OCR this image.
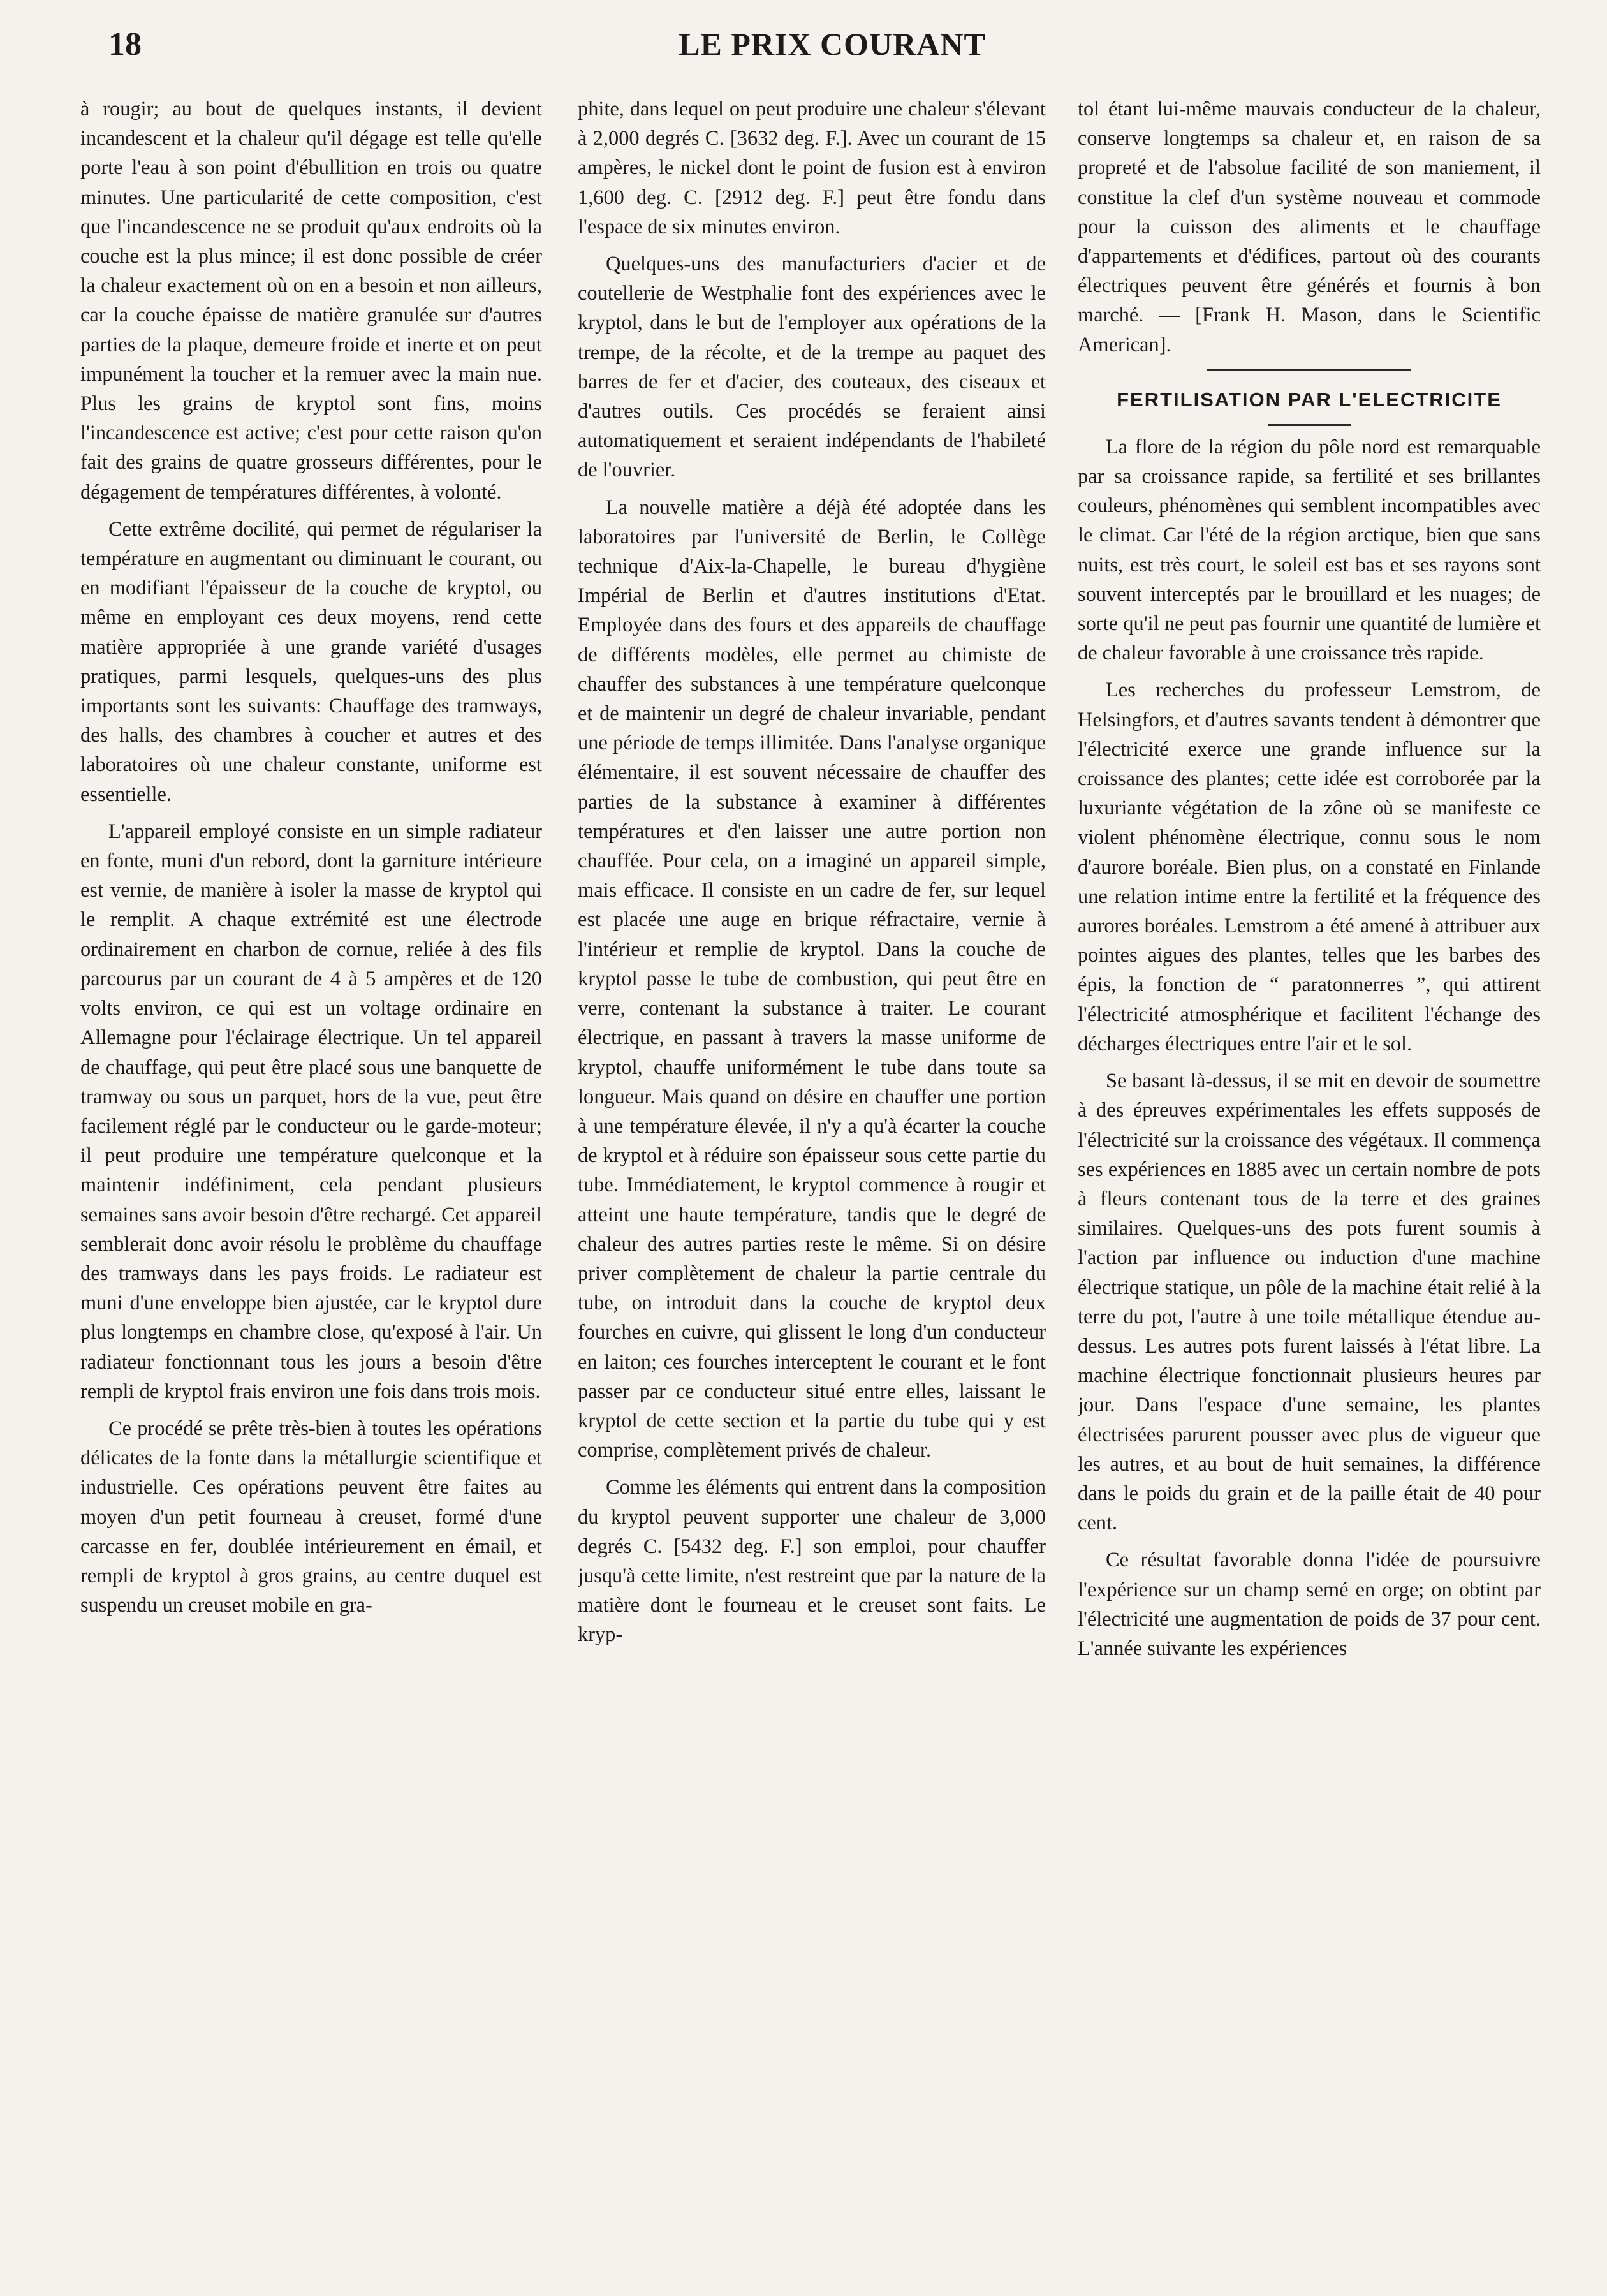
18	LE PRIX COURANT

à rougir; au bout de quelques instants, il devient incandescent et la chaleur qu'il dégage est telle qu'elle porte l'eau à son point d'ébullition en trois ou quatre minutes. Une particularité de cette composition, c'est que l'incandescence ne se produit qu'aux endroits où la couche est la plus mince; il est donc possible de créer la chaleur exactement où on en a besoin et non ailleurs, car la couche épaisse de matière granulée sur d'autres parties de la plaque, demeure froide et inerte et on peut impunément la toucher et la remuer avec la main nue. Plus les grains de kryptol sont fins, moins l'incandescence est active; c'est pour cette raison qu'on fait des grains de quatre grosseurs différentes, pour le dégagement de températures différentes, à volonté.

Cette extrême docilité, qui permet de régulariser la température en augmentant ou diminuant le courant, ou en modifiant l'épaisseur de la couche de kryptol, ou même en employant ces deux moyens, rend cette matière appropriée à une grande variété d'usages pratiques, parmi lesquels, quelques-uns des plus importants sont les suivants: Chauffage des tramways, des halls, des chambres à coucher et autres et des laboratoires où une chaleur constante, uniforme est essentielle.

L'appareil employé consiste en un simple radiateur en fonte, muni d'un rebord, dont la garniture intérieure est vernie, de manière à isoler la masse de kryptol qui le remplit. A chaque extrémité est une électrode ordinairement en charbon de cornue, reliée à des fils parcourus par un courant de 4 à 5 ampères et de 120 volts environ, ce qui est un voltage ordinaire en Allemagne pour l'éclairage électrique. Un tel appareil de chauffage, qui peut être placé sous une banquette de tramway ou sous un parquet, hors de la vue, peut être facilement réglé par le conducteur ou le garde-moteur; il peut produire une température quelconque et la maintenir indéfiniment, cela pendant plusieurs semaines sans avoir besoin d'être rechargé. Cet appareil semblerait donc avoir résolu le problème du chauffage des tramways dans les pays froids. Le radiateur est muni d'une enveloppe bien ajustée, car le kryptol dure plus longtemps en chambre close, qu'exposé à l'air. Un radiateur fonctionnant tous les jours a besoin d'être rempli de kryptol frais environ une fois dans trois mois.

Ce procédé se prête très-bien à toutes les opérations délicates de la fonte dans la métallurgie scientifique et industrielle. Ces opérations peuvent être faites au moyen d'un petit fourneau à creuset, formé d'une carcasse en fer, doublée intérieurement en émail, et rempli de kryptol à gros grains, au centre duquel est suspendu un creuset mobile en gra-

phite, dans lequel on peut produire une chaleur s'élevant à 2,000 degrés C. [3632 deg. F.]. Avec un courant de 15 ampères, le nickel dont le point de fusion est à environ 1,600 deg. C. [2912 deg. F.] peut être fondu dans l'espace de six minutes environ.

Quelques-uns des manufacturiers d'acier et de coutellerie de Westphalie font des expériences avec le kryptol, dans le but de l'employer aux opérations de la trempe, de la récolte, et de la trempe au paquet des barres de fer et d'acier, des couteaux, des ciseaux et d'autres outils. Ces procédés se feraient ainsi automatiquement et seraient indépendants de l'habileté de l'ouvrier.

La nouvelle matière a déjà été adoptée dans les laboratoires par l'université de Berlin, le Collège technique d'Aix-la-Chapelle, le bureau d'hygiène Impérial de Berlin et d'autres institutions d'Etat. Employée dans des fours et des appareils de chauffage de différents modèles, elle permet au chimiste de chauffer des substances à une température quelconque et de maintenir un degré de chaleur invariable, pendant une période de temps illimitée. Dans l'analyse organique élémentaire, il est souvent nécessaire de chauffer des parties de la substance à examiner à différentes températures et d'en laisser une autre portion non chauffée. Pour cela, on a imaginé un appareil simple, mais efficace. Il consiste en un cadre de fer, sur lequel est placée une auge en brique réfractaire, vernie à l'intérieur et remplie de kryptol. Dans la couche de kryptol passe le tube de combustion, qui peut être en verre, contenant la substance à traiter. Le courant électrique, en passant à travers la masse uniforme de kryptol, chauffe uniformément le tube dans toute sa longueur. Mais quand on désire en chauffer une portion à une température élevée, il n'y a qu'à écarter la couche de kryptol et à réduire son épaisseur sous cette partie du tube. Immédiatement, le kryptol commence à rougir et atteint une haute température, tandis que le degré de chaleur des autres parties reste le même. Si on désire priver complètement de chaleur la partie centrale du tube, on introduit dans la couche de kryptol deux fourches en cuivre, qui glissent le long d'un conducteur en laiton; ces fourches interceptent le courant et le font passer par ce conducteur situé entre elles, laissant le kryptol de cette section et la partie du tube qui y est comprise, complètement privés de chaleur.

Comme les éléments qui entrent dans la composition du kryptol peuvent supporter une chaleur de 3,000 degrés C. [5432 deg. F.] son emploi, pour chauffer jusqu'à cette limite, n'est restreint que par la nature de la matière dont le fourneau et le creuset sont faits. Le kryp-

tol étant lui-même mauvais conducteur de la chaleur, conserve longtemps sa chaleur et, en raison de sa propreté et de l'absolue facilité de son maniement, il constitue la clef d'un système nouveau et commode pour la cuisson des aliments et le chauffage d'appartements et d'édifices, partout où des courants électriques peuvent être générés et fournis à bon marché. — [Frank H. Mason, dans le Scientific American].

FERTILISATION PAR L'ELECTRICITE

La flore de la région du pôle nord est remarquable par sa croissance rapide, sa fertilité et ses brillantes couleurs, phénomènes qui semblent incompatibles avec le climat. Car l'été de la région arctique, bien que sans nuits, est très court, le soleil est bas et ses rayons sont souvent interceptés par le brouillard et les nuages; de sorte qu'il ne peut pas fournir une quantité de lumière et de chaleur favorable à une croissance très rapide.

Les recherches du professeur Lemstrom, de Helsingfors, et d'autres savants tendent à démontrer que l'électricité exerce une grande influence sur la croissance des plantes; cette idée est corroborée par la luxuriante végétation de la zône où se manifeste ce violent phénomène électrique, connu sous le nom d'aurore boréale. Bien plus, on a constaté en Finlande une relation intime entre la fertilité et la fréquence des aurores boréales. Lemstrom a été amené à attribuer aux pointes aigues des plantes, telles que les barbes des épis, la fonction de “ paratonnerres ”, qui attirent l'électricité atmosphérique et facilitent l'échange des décharges électriques entre l'air et le sol.

Se basant là-dessus, il se mit en devoir de soumettre à des épreuves expérimentales les effets supposés de l'électricité sur la croissance des végétaux. Il commença ses expériences en 1885 avec un certain nombre de pots à fleurs contenant tous de la terre et des graines similaires. Quelques-uns des pots furent soumis à l'action par influence ou induction d'une machine électrique statique, un pôle de la machine était relié à la terre du pot, l'autre à une toile métallique étendue au-dessus. Les autres pots furent laissés à l'état libre. La machine électrique fonctionnait plusieurs heures par jour. Dans l'espace d'une semaine, les plantes électrisées parurent pousser avec plus de vigueur que les autres, et au bout de huit semaines, la différence dans le poids du grain et de la paille était de 40 pour cent.

Ce résultat favorable donna l'idée de poursuivre l'expérience sur un champ semé en orge; on obtint par l'électricité une augmentation de poids de 37 pour cent. L'année suivante les expériences
